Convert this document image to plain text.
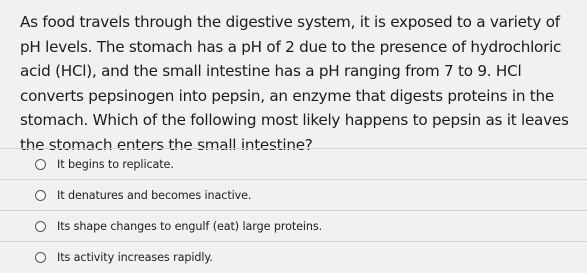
As food travels through the digestive system, it is exposed to a variety of pH levels. The stomach has a pH of 2 due to the presence of hydrochloric acid (HCl), and the small intestine has a pH ranging from 7 to 9. HCl converts pepsinogen into pepsin, an enzyme that digests proteins in the stomach. Which of the following most likely happens to pepsin as it leaves the stomach enters the small intestine?

It begins to replicate.
It denatures and becomes inactive.
Its shape changes to engulf (eat) large proteins.
Its activity increases rapidly.
